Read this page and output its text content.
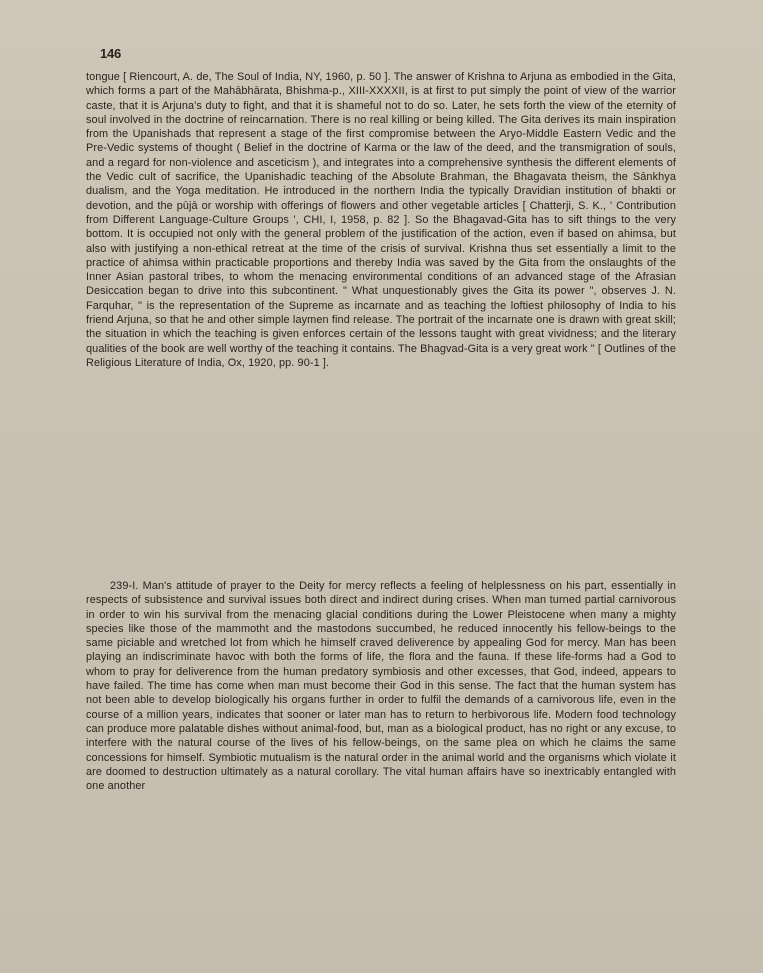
146

tongue [ Riencourt, A. de, The Soul of India, NY, 1960, p. 50 ]. The answer of Krishna to Arjuna as embodied in the Gita, which forms a part of the Mahābhārata, Bhishma-p., XIII-XXXXII, is at first to put simply the point of view of the warrior caste, that it is Arjuna's duty to fight, and that it is shameful not to do so. Later, he sets forth the view of the eternity of soul involved in the doctrine of reincarnation. There is no real killing or being killed. The Gita derives its main inspiration from the Upanishads that represent a stage of the first compromise between the Aryo-Middle Eastern Vedic and the Pre-Vedic systems of thought ( Belief in the doctrine of Karma or the law of the deed, and the transmigration of souls, and a regard for non-violence and asceticism ), and integrates into a comprehensive synthesis the different elements of the Vedic cult of sacrifice, the Upanishadic teaching of the Absolute Brahman, the Bhagavata theism, the Sānkhya dualism, and the Yoga meditation. He introduced in the northern India the typically Dravidian institution of bhakti or devotion, and the pūjā or worship with offerings of flowers and other vegetable articles [ Chatterji, S. K., ' Contribution from Different Language-Culture Groups ', CHI, I, 1958, p. 82 ]. So the Bhagavad-Gita has to sift things to the very bottom. It is occupied not only with the general problem of the justification of the action, even if based on ahimsa, but also with justifying a non-ethical retreat at the time of the crisis of survival. Krishna thus set essentially a limit to the practice of ahimsa within practicable proportions and thereby India was saved by the Gita from the onslaughts of the Inner Asian pastoral tribes, to whom the menacing environmental conditions of an advanced stage of the Afrasian Desiccation began to drive into this subcontinent. " What unquestionably gives the Gita its power ", observes J. N. Farquhar, " is the representation of the Supreme as incarnate and as teaching the loftiest philosophy of India to his friend Arjuna, so that he and other simple laymen find release. The portrait of the incarnate one is drawn with great skill; the situation in which the teaching is given enforces certain of the lessons taught with great vividness; and the literary qualities of the book are well worthy of the teaching it contains. The Bhagvad-Gita is a very great work " [ Outlines of the Religious Literature of India, Ox, 1920, pp. 90-1 ].

239-I. Man's attitude of prayer to the Deity for mercy reflects a feeling of helplessness on his part, essentially in respects of subsistence and survival issues both direct and indirect during crises. When man turned partial carnivorous in order to win his survival from the menacing glacial conditions during the Lower Pleistocene when many a mighty species like those of the mammotht and the mastodons succumbed, he reduced innocently his fellow-beings to the same piciable and wretched lot from which he himself craved deliverence by appealing God for mercy. Man has been playing an indiscriminate havoc with both the forms of life, the flora and the fauna. If these life-forms had a God to whom to pray for deliverence from the human predatory symbiosis and other excesses, that God, indeed, appears to have failed. The time has come when man must become their God in this sense. The fact that the human system has not been able to develop biologically his organs further in order to fulfil the demands of a carnivorous life, even in the course of a million years, indicates that sooner or later man has to return to herbivorous life. Modern food technology can produce more palatable dishes without animal-food, but, man as a biological product, has no right or any excuse, to interfere with the natural course of the lives of his fellow-beings, on the same plea on which he claims the same concessions for himself. Symbiotic mutualism is the natural order in the animal world and the organisms which violate it are doomed to destruction ultimately as a natural corollary. The vital human affairs have so inextricably entangled with one another
